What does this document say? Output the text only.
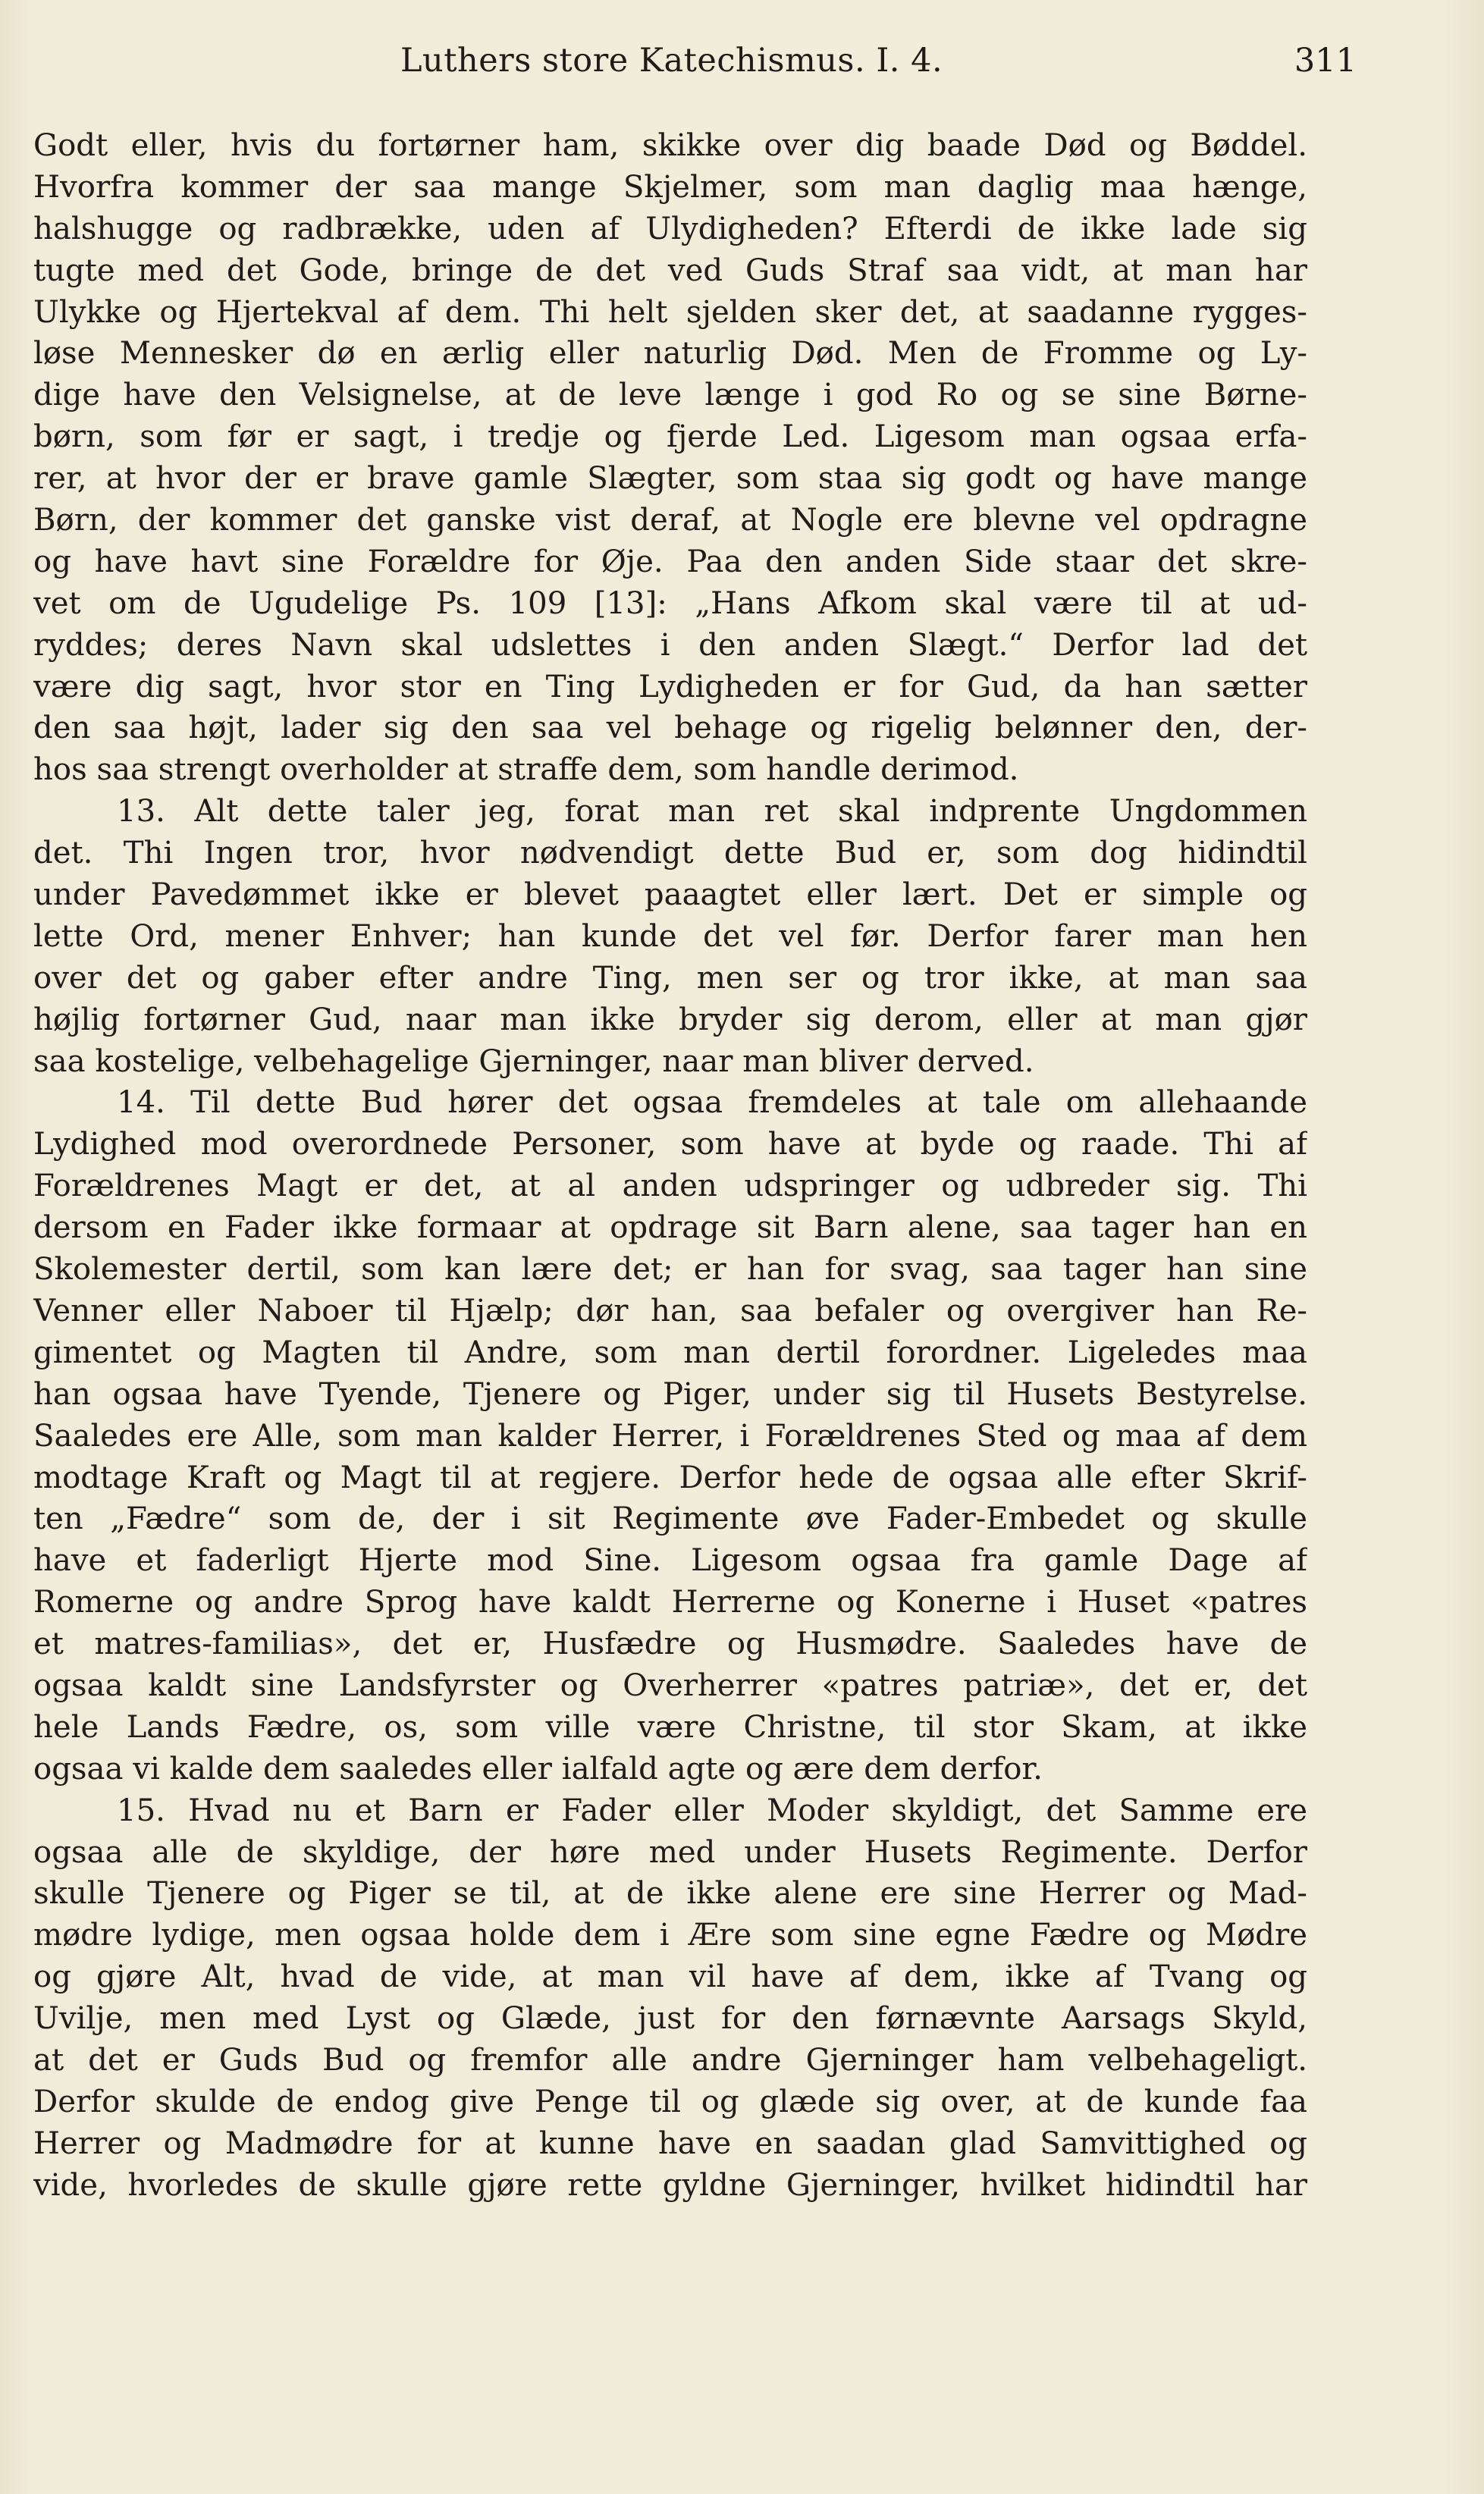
Luthers store Katechismus. I. 4.	311
Godt eller, hvis du fortørner ham, skikke over dig baade Død og Bøddel.
Hvorfra kommer der saa mange Skjelmer, som man daglig maa hænge,
halshugge og radbrække, uden af Ulydigheden? Efterdi de ikke lade sig
tugte med det Gode, bringe de det ved Guds Straf saa vidt, at man har
Ulykke og Hjertekval af dem. Thi helt sjelden sker det, at saadanne rygges-
løse Mennesker dø en ærlig eller naturlig Død. Men de Fromme og Ly-
dige have den Velsignelse, at de leve længe i god Ro og se sine Børne-
børn, som før er sagt, i tredje og fjerde Led. Ligesom man ogsaa erfa-
rer, at hvor der er brave gamle Slægter, som staa sig godt og have mange
Børn, der kommer det ganske vist deraf, at Nogle ere blevne vel opdragne
og have havt sine Forældre for Øje. Paa den anden Side staar det skre-
vet om de Ugudelige Ps. 109 [13]: „Hans Afkom skal være til at ud-
ryddes; deres Navn skal udslettes i den anden Slægt.“ Derfor lad det
være dig sagt, hvor stor en Ting Lydigheden er for Gud, da han sætter
den saa højt, lader sig den saa vel behage og rigelig belønner den, der-
hos saa strengt overholder at straffe dem, som handle derimod.
13. Alt dette taler jeg, forat man ret skal indprente Ungdommen
det. Thi Ingen tror, hvor nødvendigt dette Bud er, som dog hidindtil
under Pavedømmet ikke er blevet paaagtet eller lært. Det er simple og
lette Ord, mener Enhver; han kunde det vel før. Derfor farer man hen
over det og gaber efter andre Ting, men ser og tror ikke, at man saa
højlig fortørner Gud, naar man ikke bryder sig derom, eller at man gjør
saa kostelige, velbehagelige Gjerninger, naar man bliver derved.
14. Til dette Bud hører det ogsaa fremdeles at tale om allehaande
Lydighed mod overordnede Personer, som have at byde og raade. Thi af
Forældrenes Magt er det, at al anden udspringer og udbreder sig. Thi
dersom en Fader ikke formaar at opdrage sit Barn alene, saa tager han en
Skolemester dertil, som kan lære det; er han for svag, saa tager han sine
Venner eller Naboer til Hjælp; dør han, saa befaler og overgiver han Re-
gimentet og Magten til Andre, som man dertil forordner. Ligeledes maa
han ogsaa have Tyende, Tjenere og Piger, under sig til Husets Bestyrelse.
Saaledes ere Alle, som man kalder Herrer, i Forældrenes Sted og maa af dem
modtage Kraft og Magt til at regjere. Derfor hede de ogsaa alle efter Skrif-
ten „Fædre“ som de, der i sit Regimente øve Fader-Embedet og skulle
have et faderligt Hjerte mod Sine. Ligesom ogsaa fra gamle Dage af
Romerne og andre Sprog have kaldt Herrerne og Konerne i Huset «patres
et matres-familias», det er, Husfædre og Husmødre. Saaledes have de
ogsaa kaldt sine Landsfyrster og Overherrer «patres patriæ», det er, det
hele Lands Fædre, os, som ville være Christne, til stor Skam, at ikke
ogsaa vi kalde dem saaledes eller ialfald agte og ære dem derfor.
15. Hvad nu et Barn er Fader eller Moder skyldigt, det Samme ere
ogsaa alle de skyldige, der høre med under Husets Regimente. Derfor
skulle Tjenere og Piger se til, at de ikke alene ere sine Herrer og Mad-
mødre lydige, men ogsaa holde dem i Ære som sine egne Fædre og Mødre
og gjøre Alt, hvad de vide, at man vil have af dem, ikke af Tvang og
Uvilje, men med Lyst og Glæde, just for den førnævnte Aarsags Skyld,
at det er Guds Bud og fremfor alle andre Gjerninger ham velbehageligt.
Derfor skulde de endog give Penge til og glæde sig over, at de kunde faa
Herrer og Madmødre for at kunne have en saadan glad Samvittighed og
vide, hvorledes de skulle gjøre rette gyldne Gjerninger, hvilket hidindtil har
